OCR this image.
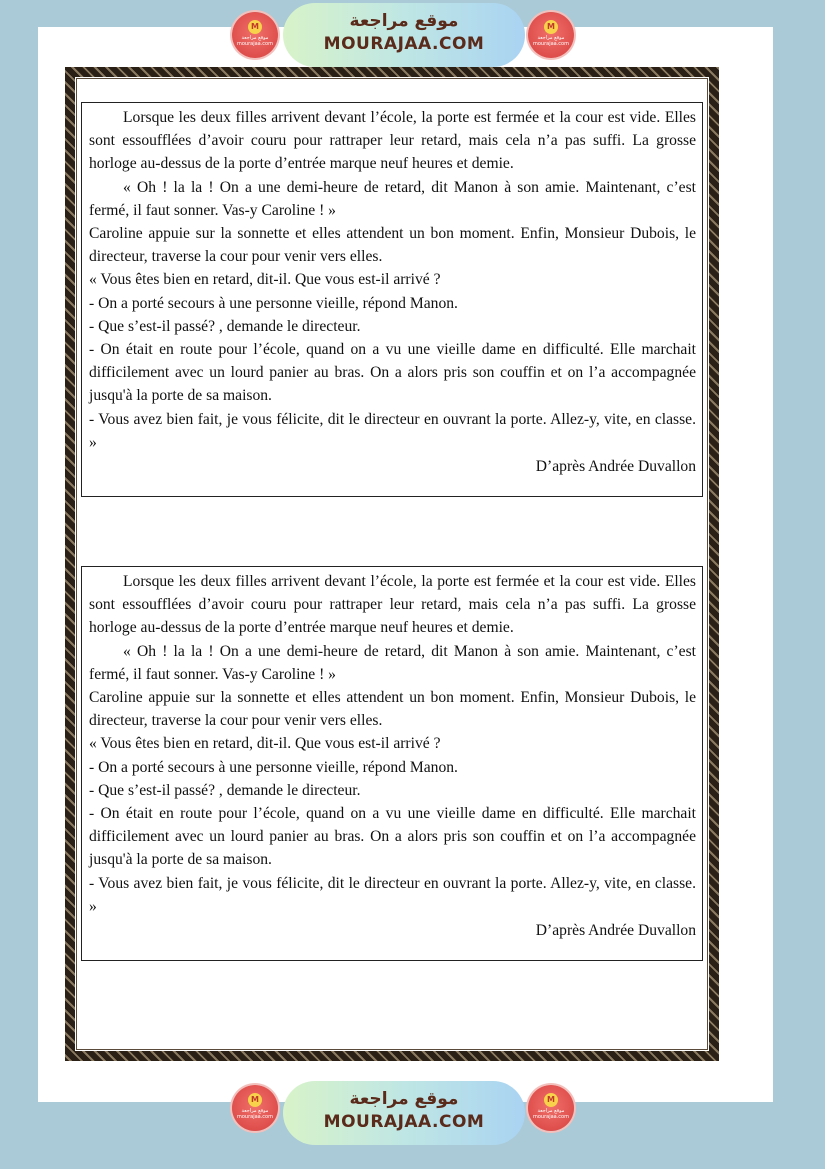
M
موقع مراجعة
mourajaa.com
موقع مراجعة
MOURAJAA.COM
M
موقع مراجعة
mourajaa.com

Lorsque les deux filles arrivent devant l’école, la porte est fermée et la cour est vide. Elles sont essoufflées d’avoir couru pour rattraper leur retard, mais cela n’a pas suffi. La grosse horloge au-dessus de la porte d’entrée marque neuf heures et demie.

« Oh ! la la ! On a une demi-heure de retard, dit Manon à son amie. Maintenant, c’est fermé, il faut sonner. Vas-y Caroline ! »

Caroline appuie sur la sonnette et elles attendent un bon moment. Enfin, Monsieur Dubois, le directeur, traverse la cour pour venir vers elles.

« Vous êtes bien en retard, dit-il. Que vous est-il arrivé ?

- On a porté secours à une personne vieille, répond Manon.

- Que s’est-il passé? , demande le directeur.

- On était en route pour l’école, quand on a vu une vieille dame en difficulté. Elle marchait difficilement avec un lourd panier au bras. On a alors pris son couffin et on l’a accompagnée jusqu'à la porte de sa maison.

- Vous avez bien fait, je vous félicite, dit le directeur en ouvrant la porte. Allez-y, vite, en classe. »

D’après Andrée Duvallon

Lorsque les deux filles arrivent devant l’école, la porte est fermée et la cour est vide. Elles sont essoufflées d’avoir couru pour rattraper leur retard, mais cela n’a pas suffi. La grosse horloge au-dessus de la porte d’entrée marque neuf heures et demie.

« Oh ! la la ! On a une demi-heure de retard, dit Manon à son amie. Maintenant, c’est fermé, il faut sonner. Vas-y Caroline ! »

Caroline appuie sur la sonnette et elles attendent un bon moment. Enfin, Monsieur Dubois, le directeur, traverse la cour pour venir vers elles.

« Vous êtes bien en retard, dit-il. Que vous est-il arrivé ?

- On a porté secours à une personne vieille, répond Manon.

- Que s’est-il passé? , demande le directeur.

- On était en route pour l’école, quand on a vu une vieille dame en difficulté. Elle marchait difficilement avec un lourd panier au bras. On a alors pris son couffin et on l’a accompagnée jusqu'à la porte de sa maison.

- Vous avez bien fait, je vous félicite, dit le directeur en ouvrant la porte. Allez-y, vite, en classe. »

D’après Andrée Duvallon

M
موقع مراجعة
mourajaa.com
موقع مراجعة
MOURAJAA.COM
M
موقع مراجعة
mourajaa.com
